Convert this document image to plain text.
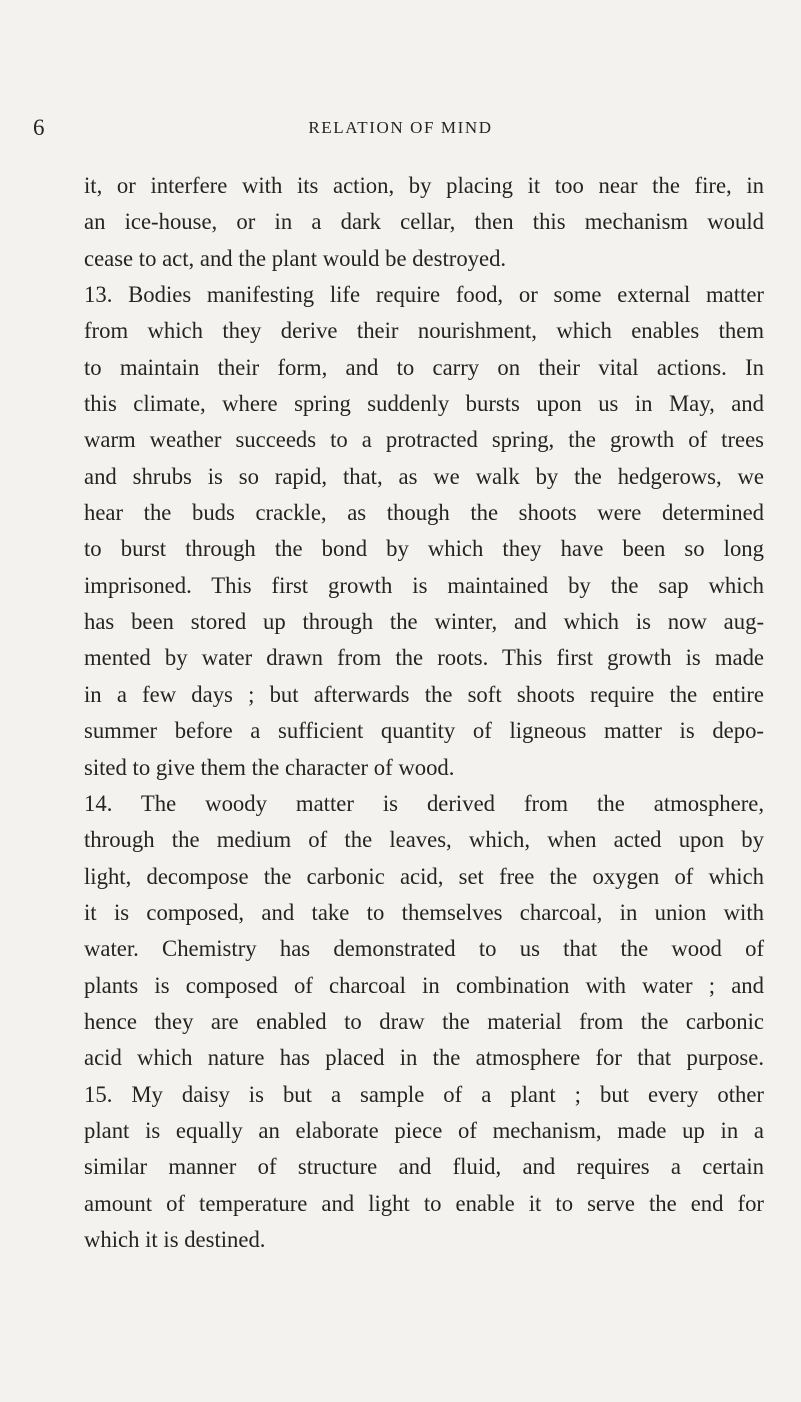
6	RELATION OF MIND
it, or interfere with its action, by placing it too near the fire, in
an ice-house, or in a dark cellar, then this mechanism would
cease to act, and the plant would be destroyed.
13. Bodies manifesting life require food, or some external matter
from which they derive their nourishment, which enables them
to maintain their form, and to carry on their vital actions. In
this climate, where spring suddenly bursts upon us in May, and
warm weather succeeds to a protracted spring, the growth of trees
and shrubs is so rapid, that, as we walk by the hedgerows, we
hear the buds crackle, as though the shoots were determined
to burst through the bond by which they have been so long
imprisoned. This first growth is maintained by the sap which
has been stored up through the winter, and which is now aug-
mented by water drawn from the roots. This first growth is made
in a few days ; but afterwards the soft shoots require the entire
summer before a sufficient quantity of ligneous matter is depo-
sited to give them the character of wood.
14. The woody matter is derived from the atmosphere,
through the medium of the leaves, which, when acted upon by
light, decompose the carbonic acid, set free the oxygen of which
it is composed, and take to themselves charcoal, in union with
water. Chemistry has demonstrated to us that the wood of
plants is composed of charcoal in combination with water ; and
hence they are enabled to draw the material from the carbonic
acid which nature has placed in the atmosphere for that purpose.
15. My daisy is but a sample of a plant ; but every other
plant is equally an elaborate piece of mechanism, made up in a
similar manner of structure and fluid, and requires a certain
amount of temperature and light to enable it to serve the end for
which it is destined.
